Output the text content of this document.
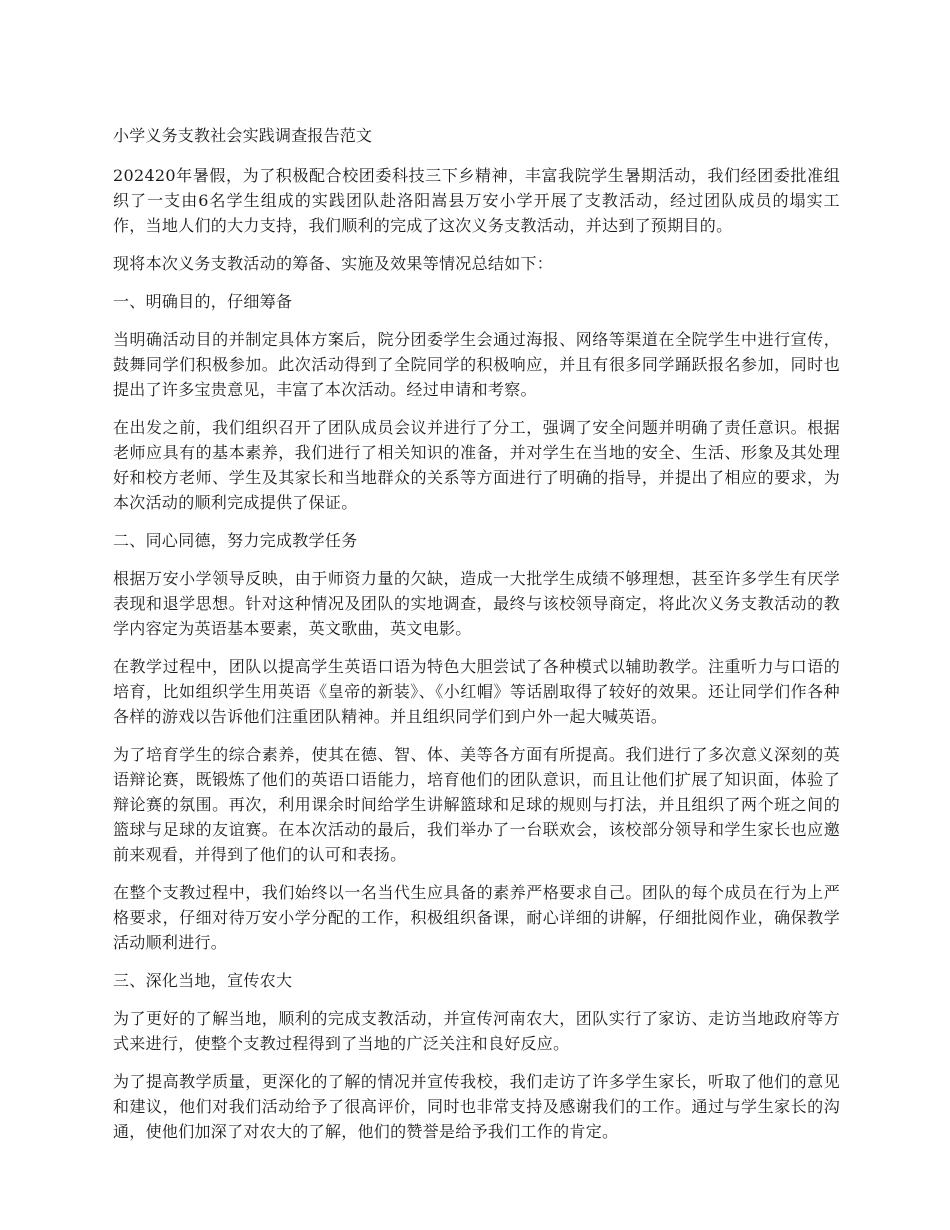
小学义务支教社会实践调查报告范文

202420年暑假，为了积极配合校团委科技三下乡精神，丰富我院学生暑期活动，我们经团委批准组织了一支由6名学生组成的实践团队赴洛阳嵩县万安小学开展了支教活动，经过团队成员的塌实工作，当地人们的大力支持，我们顺利的完成了这次义务支教活动，并达到了预期目的。

现将本次义务支教活动的筹备、实施及效果等情况总结如下：

一、明确目的，仔细筹备

当明确活动目的并制定具体方案后，院分团委学生会通过海报、网络等渠道在全院学生中进行宣传，鼓舞同学们积极参加。此次活动得到了全院同学的积极响应，并且有很多同学踊跃报名参加，同时也提出了许多宝贵意见，丰富了本次活动。经过申请和考察。

在出发之前，我们组织召开了团队成员会议并进行了分工，强调了安全问题并明确了责任意识。根据老师应具有的基本素养，我们进行了相关知识的准备，并对学生在当地的安全、生活、形象及其处理好和校方老师、学生及其家长和当地群众的关系等方面进行了明确的指导，并提出了相应的要求，为本次活动的顺利完成提供了保证。

二、同心同德，努力完成教学任务

根据万安小学领导反映，由于师资力量的欠缺，造成一大批学生成绩不够理想，甚至许多学生有厌学表现和退学思想。针对这种情况及团队的实地调查，最终与该校领导商定，将此次义务支教活动的教学内容定为英语基本要素，英文歌曲，英文电影。

在教学过程中，团队以提高学生英语口语为特色大胆尝试了各种模式以辅助教学。注重听力与口语的培育，比如组织学生用英语《皇帝的新装》、《小红帽》等话剧取得了较好的效果。还让同学们作各种各样的游戏以告诉他们注重团队精神。并且组织同学们到户外一起大喊英语。

为了培育学生的综合素养，使其在德、智、体、美等各方面有所提高。我们进行了多次意义深刻的英语辩论赛，既锻炼了他们的英语口语能力，培育他们的团队意识，而且让他们扩展了知识面，体验了辩论赛的氛围。再次，利用课余时间给学生讲解篮球和足球的规则与打法，并且组织了两个班之间的篮球与足球的友谊赛。在本次活动的最后，我们举办了一台联欢会，该校部分领导和学生家长也应邀前来观看，并得到了他们的认可和表扬。

在整个支教过程中，我们始终以一名当代生应具备的素养严格要求自己。团队的每个成员在行为上严格要求，仔细对待万安小学分配的工作，积极组织备课，耐心详细的讲解，仔细批阅作业，确保教学活动顺利进行。

三、深化当地，宣传农大

为了更好的了解当地，顺利的完成支教活动，并宣传河南农大，团队实行了家访、走访当地政府等方式来进行，使整个支教过程得到了当地的广泛关注和良好反应。

为了提高教学质量，更深化的了解的情况并宣传我校，我们走访了许多学生家长，听取了他们的意见和建议，他们对我们活动给予了很高评价，同时也非常支持及感谢我们的工作。通过与学生家长的沟通，使他们加深了对农大的了解，他们的赞誉是给予我们工作的肯定。
